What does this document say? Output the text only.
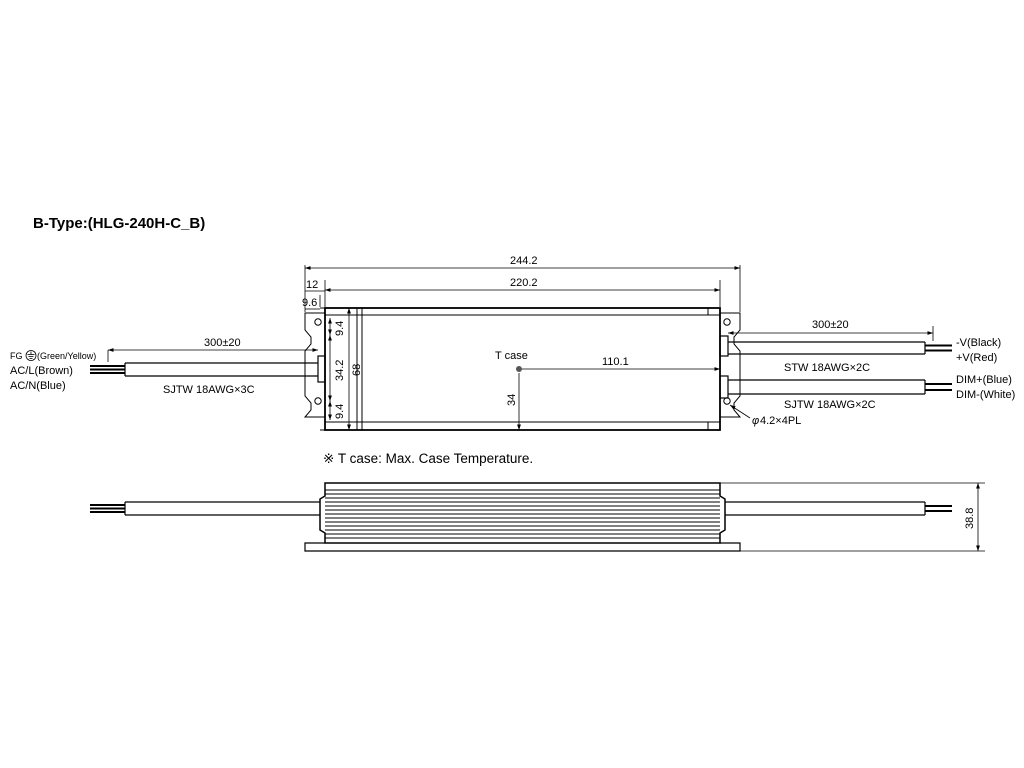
B-Type:(HLG-240H-C_B)
T case
244.2
220.2
12
9.6
300±20
300±20
9.4
34.2
9.4
68
110.1
34
φ 4.2×4PL
FG (Green/Yellow)
AC/L(Brown)
AC/N(Blue)	SJTW 18AWG×3C
STW 18AWG×2C
SJTW 18AWG×2C
-V(Black)
+V(Red)
DIM+(Blue)
DIM-(White)
※ T case: Max. Case Temperature.
38.8
